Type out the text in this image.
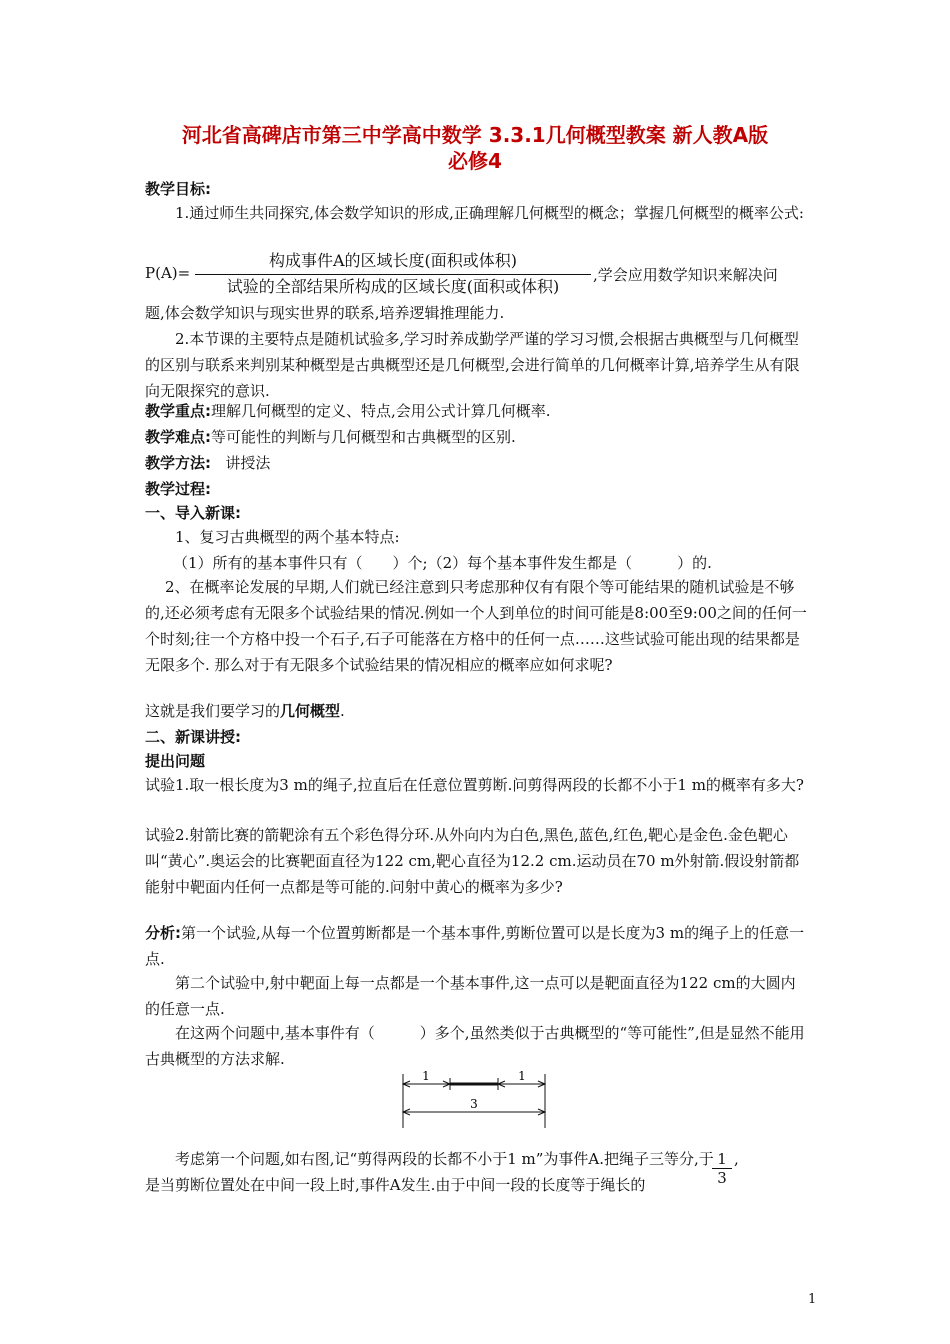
河北省高碑店市第三中学高中数学 3.3.1几何概型教案 新人教A版
必修4
教学目标:
1.通过师生共同探究,体会数学知识的形成,正确理解几何概型的概念；掌握几何概型的概率公式:
P(A)=
构成事件A的区域长度(面积或体积)
试验的全部结果所构成的区域长度(面积或体积)
,学会应用数学知识来解决问
题,体会数学知识与现实世界的联系,培养逻辑推理能力.
2.本节课的主要特点是随机试验多,学习时养成勤学严谨的学习习惯,会根据古典概型与几何概型的区别与联系来判别某种概型是古典概型还是几何概型,会进行简单的几何概率计算,培养学生从有限向无限探究的意识.
教学重点:理解几何概型的定义、特点,会用公式计算几何概率.
教学难点:等可能性的判断与几何概型和古典概型的区别.
教学方法: 讲授法
教学过程:
一、导入新课:
1、复习古典概型的两个基本特点:
（1）所有的基本事件只有（　　）个;（2）每个基本事件发生都是（　　　）的.
2、在概率论发展的早期,人们就已经注意到只考虑那种仅有有限个等可能结果的随机试验是不够的,还必须考虑有无限多个试验结果的情况.例如一个人到单位的时间可能是8:00至9:00之间的任何一个时刻;往一个方格中投一个石子,石子可能落在方格中的任何一点……这些试验可能出现的结果都是无限多个. 那么对于有无限多个试验结果的情况相应的概率应如何求呢?
这就是我们要学习的几何概型.
二、新课讲授:
提出问题
试验1.取一根长度为3 m的绳子,拉直后在任意位置剪断.问剪得两段的长都不小于1 m的概率有多大?
试验2.射箭比赛的箭靶涂有五个彩色得分环.从外向内为白色,黑色,蓝色,红色,靶心是金色.金色靶心叫“黄心”.奥运会的比赛靶面直径为122 cm,靶心直径为12.2 cm.运动员在70 m外射箭.假设射箭都能射中靶面内任何一点都是等可能的.问射中黄心的概率为多少?
分析:第一个试验,从每一个位置剪断都是一个基本事件,剪断位置可以是长度为3 m的绳子上的任意一点.
第二个试验中,射中靶面上每一点都是一个基本事件,这一点可以是靶面直径为122 cm的大圆内的任意一点.
在这两个问题中,基本事件有（　　　）多个,虽然类似于古典概型的“等可能性”,但是显然不能用古典概型的方法求解.
1	1
3
考虑第一个问题,如右图,记“剪得两段的长都不小于1 m”为事件A.把绳子三等分,于是当剪断位置处在中间一段上时,事件A发生.由于中间一段的长度等于绳长的	$\frac{1}{3}$ ,
1
